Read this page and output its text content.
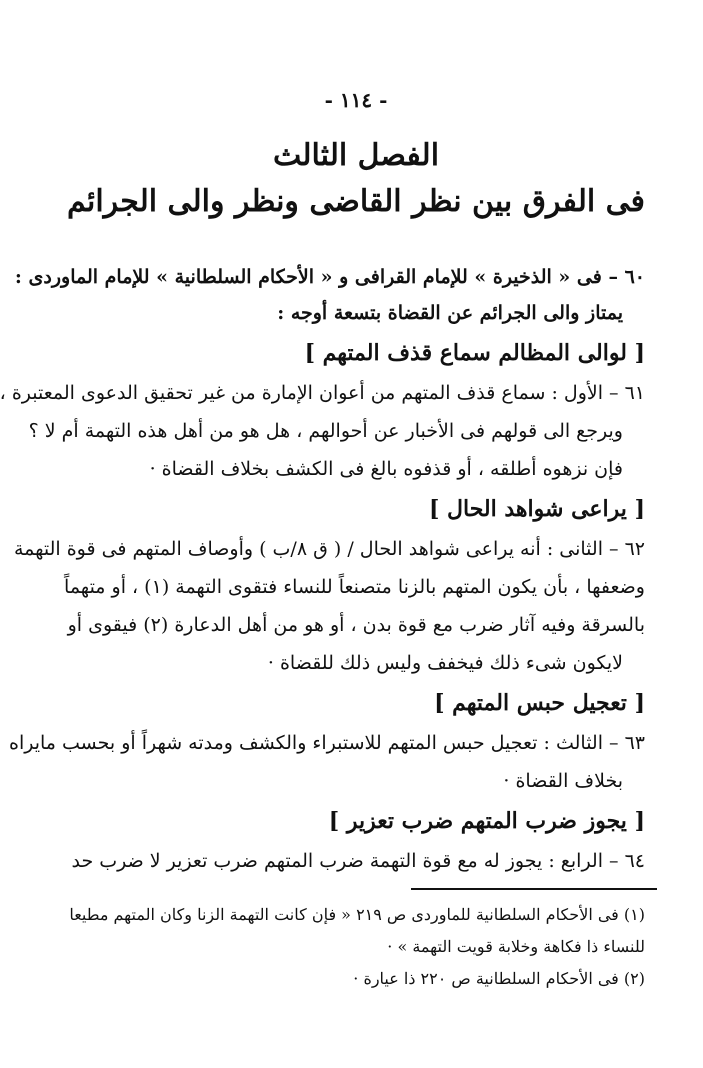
- ١١٤ -
الفصل الثالث
فى الفرق بين نظر القاضى ونظر والى الجرائم
٦٠ – فى « الذخيرة » للإمام القرافى و « الأحكام السلطانية » للإمام الماوردى :
يمتاز والى الجرائم عن القضاة بتسعة أوجه :
[ لوالى المظالم سماع قذف المتهم ]
٦١ – الأول : سماع قذف المتهم من أعوان الإمارة من غير تحقيق الدعوى المعتبرة ،
ويرجع الى قولهم فى الأخبار عن أحوالهم ، هل هو من أهل هذه التهمة أم لا ؟
فإن نزهوه أطلقه ، أو قذفوه بالغ فى الكشف بخلاف القضاة ·
[ يراعى شواهد الحال ]
٦٢ – الثانى : أنه يراعى شواهد الحال / ( ق ٨/ب ) وأوصاف المتهم فى قوة التهمة
وضعفها ، بأن يكون المتهم بالزنا متصنعاً للنساء فتقوى التهمة (١) ، أو متهماً
بالسرقة وفيه آثار ضرب مع قوة بدن ، أو هو من أهل الدعارة (٢) فيقوى أو
لايكون شىء ذلك فيخفف وليس ذلك للقضاة ·
[ تعجيل حبس المتهم ]
٦٣ – الثالث : تعجيل حبس المتهم للاستبراء والكشف ومدته شهراً أو بحسب مايراه
بخلاف القضاة ·
[ يجوز ضرب المتهم ضرب تعزير ]
٦٤ – الرابع : يجوز له مع قوة التهمة ضرب المتهم ضرب تعزير لا ضرب حد
(١) فى الأحكام السلطانية للماوردى ص ٢١٩ « فإن كانت التهمة الزنا وكان المتهم مطيعا
للنساء ذا فكاهة وخلابة قويت التهمة » ·
(٢) فى الأحكام السلطانية ص ٢٢٠ ذا عيارة ·
